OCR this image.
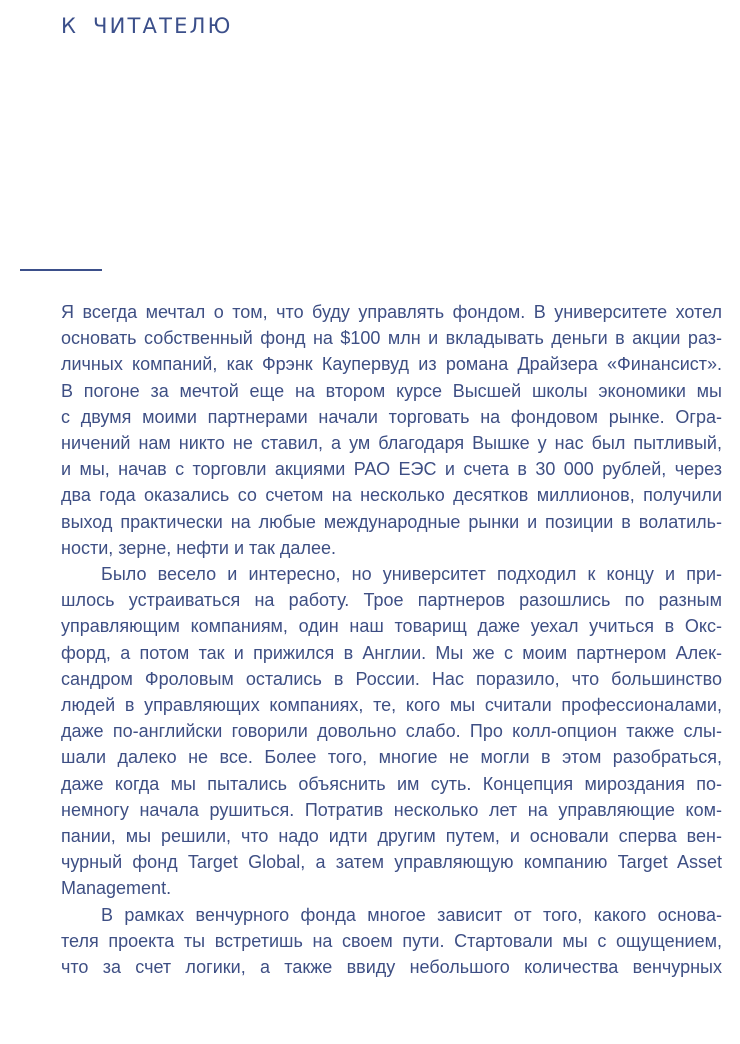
К ЧИТАТЕЛЮ
Я всегда мечтал о том, что буду управлять фондом. В университете хотел
основать собственный фонд на $100 млн и вкладывать деньги в акции раз-
личных компаний, как Фрэнк Каупервуд из романа Драйзера «Финансист».
В погоне за мечтой еще на втором курсе Высшей школы экономики мы
с двумя моими партнерами начали торговать на фондовом рынке. Огра-
ничений нам никто не ставил, а ум благодаря Вышке у нас был пытливый,
и мы, начав с торговли акциями РАО ЕЭС и счета в 30 000 рублей, через
два года оказались со счетом на несколько десятков миллионов, получили
выход практически на любые международные рынки и позиции в волатиль-
ности, зерне, нефти и так далее.
Было весело и интересно, но университет подходил к концу и при-
шлось устраиваться на работу. Трое партнеров разошлись по разным
управляющим компаниям, один наш товарищ даже уехал учиться в Окс-
форд, а потом так и прижился в Англии. Мы же с моим партнером Алек-
сандром Фроловым остались в России. Нас поразило, что большинство
людей в управляющих компаниях, те, кого мы считали профессионалами,
даже по-английски говорили довольно слабо. Про колл-опцион также слы-
шали далеко не все. Более того, многие не могли в этом разобраться,
даже когда мы пытались объяснить им суть. Концепция мироздания по-
немногу начала рушиться. Потратив несколько лет на управляющие ком-
пании, мы решили, что надо идти другим путем, и основали сперва вен-
чурный фонд Target Global, а затем управляющую компанию Target Asset
Management.
В рамках венчурного фонда многое зависит от того, какого основа-
теля проекта ты встретишь на своем пути. Стартовали мы с ощущением,
что за счет логики, а также ввиду небольшого количества венчурных
